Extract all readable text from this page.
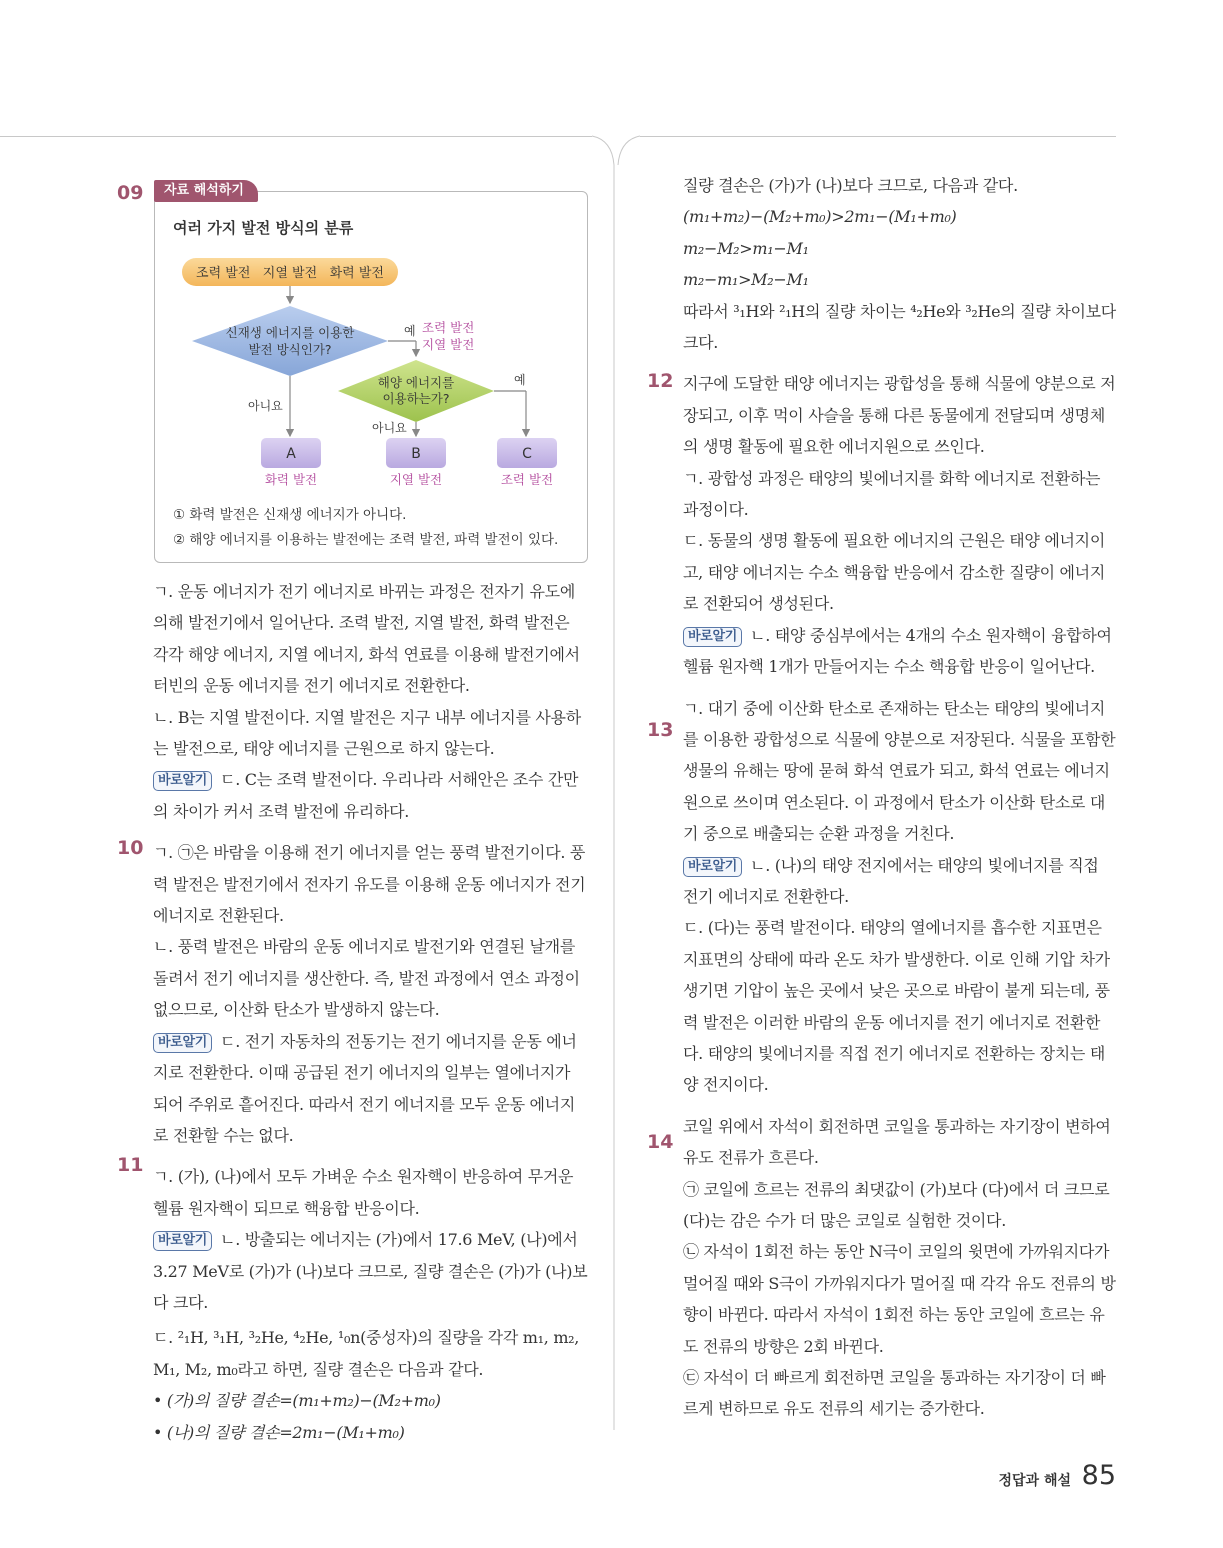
09
10
11
12
13
14
자료 해석하기
여러 가지 발전 방식의 분류
조력 발전   지열 발전   화력 발전
신재생 에너지를 이용한
발전 방식인가?
예 조력 발전
지열 발전
아니요
해양 에너지를
이용하는가?
예
아니요
A
화력 발전
B
지열 발전
C
조력 발전
① 화력 발전은 신재생 에너지가 아니다.
② 해양 에너지를 이용하는 발전에는 조력 발전, 파력 발전이 있다.

ㄱ. 운동 에너지가 전기 에너지로 바뀌는 과정은 전자기 유도에 의해 발전기에서 일어난다. 조력 발전, 지열 발전, 화력 발전은 각각 해양 에너지, 지열 에너지, 화석 연료를 이용해 발전기에서 터빈의 운동 에너지를 전기 에너지로 전환한다.

ㄴ. B는 지열 발전이다. 지열 발전은 지구 내부 에너지를 사용하는 발전으로, 태양 에너지를 근원으로 하지 않는다.

바로알기 ㄷ. C는 조력 발전이다. 우리나라 서해안은 조수 간만의 차이가 커서 조력 발전에 유리하다.

ㄱ. ㉠은 바람을 이용해 전기 에너지를 얻는 풍력 발전기이다. 풍력 발전은 발전기에서 전자기 유도를 이용해 운동 에너지가 전기 에너지로 전환된다.

ㄴ. 풍력 발전은 바람의 운동 에너지로 발전기와 연결된 날개를 돌려서 전기 에너지를 생산한다. 즉, 발전 과정에서 연소 과정이 없으므로, 이산화 탄소가 발생하지 않는다.

바로알기 ㄷ. 전기 자동차의 전동기는 전기 에너지를 운동 에너지로 전환한다. 이때 공급된 전기 에너지의 일부는 열에너지가 되어 주위로 흩어진다. 따라서 전기 에너지를 모두 운동 에너지로 전환할 수는 없다.

ㄱ. (가), (나)에서 모두 가벼운 수소 원자핵이 반응하여 무거운 헬륨 원자핵이 되므로 핵융합 반응이다.

바로알기 ㄴ. 방출되는 에너지는 (가)에서 17.6 MeV, (나)에서 3.27 MeV로 (가)가 (나)보다 크므로, 질량 결손은 (가)가 (나)보다 크다.

ㄷ. ²₁H, ³₁H, ³₂He, ⁴₂He, ¹₀n(중성자)의 질량을 각각 m₁, m₂, M₁, M₂, m₀라고 하면, 질량 결손은 다음과 같다.

• (가)의 질량 결손=(m₁+m₂)−(M₂+m₀)

• (나)의 질량 결손=2m₁−(M₁+m₀)

질량 결손은 (가)가 (나)보다 크므로, 다음과 같다.

(m₁+m₂)−(M₂+m₀)>2m₁−(M₁+m₀)

m₂−M₂>m₁−M₁

m₂−m₁>M₂−M₁

따라서 ³₁H와 ²₁H의 질량 차이는 ⁴₂He와 ³₂He의 질량 차이보다 크다.

지구에 도달한 태양 에너지는 광합성을 통해 식물에 양분으로 저장되고, 이후 먹이 사슬을 통해 다른 동물에게 전달되며 생명체의 생명 활동에 필요한 에너지원으로 쓰인다.

ㄱ. 광합성 과정은 태양의 빛에너지를 화학 에너지로 전환하는 과정이다.

ㄷ. 동물의 생명 활동에 필요한 에너지의 근원은 태양 에너지이고, 태양 에너지는 수소 핵융합 반응에서 감소한 질량이 에너지로 전환되어 생성된다.

바로알기 ㄴ. 태양 중심부에서는 4개의 수소 원자핵이 융합하여 헬륨 원자핵 1개가 만들어지는 수소 핵융합 반응이 일어난다.

ㄱ. 대기 중에 이산화 탄소로 존재하는 탄소는 태양의 빛에너지를 이용한 광합성으로 식물에 양분으로 저장된다. 식물을 포함한 생물의 유해는 땅에 묻혀 화석 연료가 되고, 화석 연료는 에너지원으로 쓰이며 연소된다. 이 과정에서 탄소가 이산화 탄소로 대기 중으로 배출되는 순환 과정을 거친다.

바로알기 ㄴ. (나)의 태양 전지에서는 태양의 빛에너지를 직접 전기 에너지로 전환한다.

ㄷ. (다)는 풍력 발전이다. 태양의 열에너지를 흡수한 지표면은 지표면의 상태에 따라 온도 차가 발생한다. 이로 인해 기압 차가 생기면 기압이 높은 곳에서 낮은 곳으로 바람이 불게 되는데, 풍력 발전은 이러한 바람의 운동 에너지를 전기 에너지로 전환한다. 태양의 빛에너지를 직접 전기 에너지로 전환하는 장치는 태양 전지이다.

코일 위에서 자석이 회전하면 코일을 통과하는 자기장이 변하여 유도 전류가 흐른다.

㉠ 코일에 흐르는 전류의 최댓값이 (가)보다 (다)에서 더 크므로 (다)는 감은 수가 더 많은 코일로 실험한 것이다.

㉡ 자석이 1회전 하는 동안 N극이 코일의 윗면에 가까워지다가 멀어질 때와 S극이 가까워지다가 멀어질 때 각각 유도 전류의 방향이 바뀐다. 따라서 자석이 1회전 하는 동안 코일에 흐르는 유도 전류의 방향은 2회 바뀐다.

㉢ 자석이 더 빠르게 회전하면 코일을 통과하는 자기장이 더 빠르게 변하므로 유도 전류의 세기는 증가한다.

정답과 해설 85
